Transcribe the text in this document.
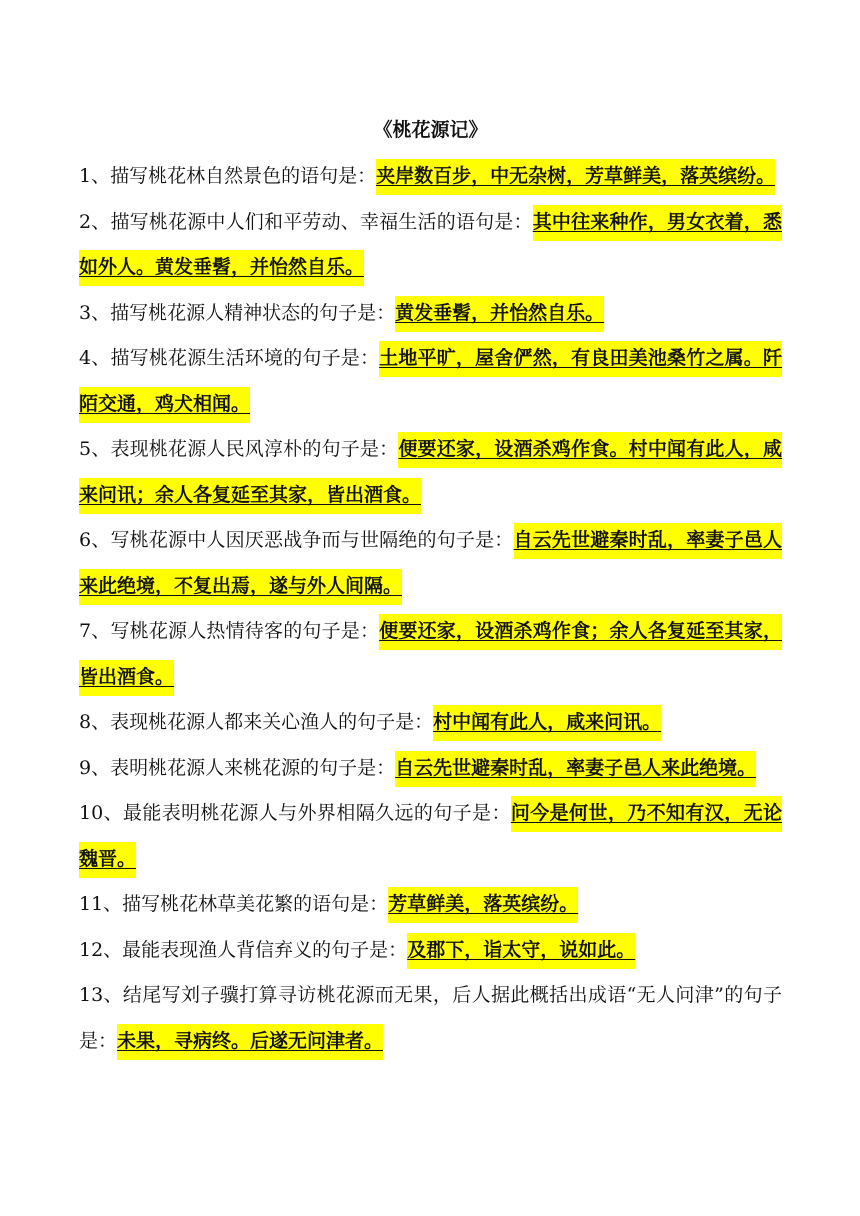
《桃花源记》
1、描写桃花林自然景色的语句是：夹岸数百步，中无杂树，芳草鲜美，落英缤纷。
2、描写桃花源中人们和平劳动、幸福生活的语句是：其中往来种作，男女衣着，悉如外人。黄发垂髫，并怡然自乐。
3、描写桃花源人精神状态的句子是：黄发垂髫，并怡然自乐。
4、描写桃花源生活环境的句子是：土地平旷，屋舍俨然，有良田美池桑竹之属。阡陌交通，鸡犬相闻。
5、表现桃花源人民风淳朴的句子是：便要还家，设酒杀鸡作食。村中闻有此人，咸来问讯；余人各复延至其家，皆出酒食。
6、写桃花源中人因厌恶战争而与世隔绝的句子是：自云先世避秦时乱，率妻子邑人来此绝境，不复出焉，遂与外人间隔。
7、写桃花源人热情待客的句子是：便要还家，设酒杀鸡作食；余人各复延至其家，皆出酒食。
8、表现桃花源人都来关心渔人的句子是：村中闻有此人，咸来问讯。
9、表明桃花源人来桃花源的句子是：自云先世避秦时乱，率妻子邑人来此绝境。
10、最能表明桃花源人与外界相隔久远的句子是：问今是何世，乃不知有汉，无论魏晋。
11、描写桃花林草美花繁的语句是：芳草鲜美，落英缤纷。
12、最能表现渔人背信弃义的句子是：及郡下，诣太守，说如此。
13、结尾写刘子骥打算寻访桃花源而无果，后人据此概括出成语“无人问津”的句子是：未果，寻病终。后遂无问津者。
